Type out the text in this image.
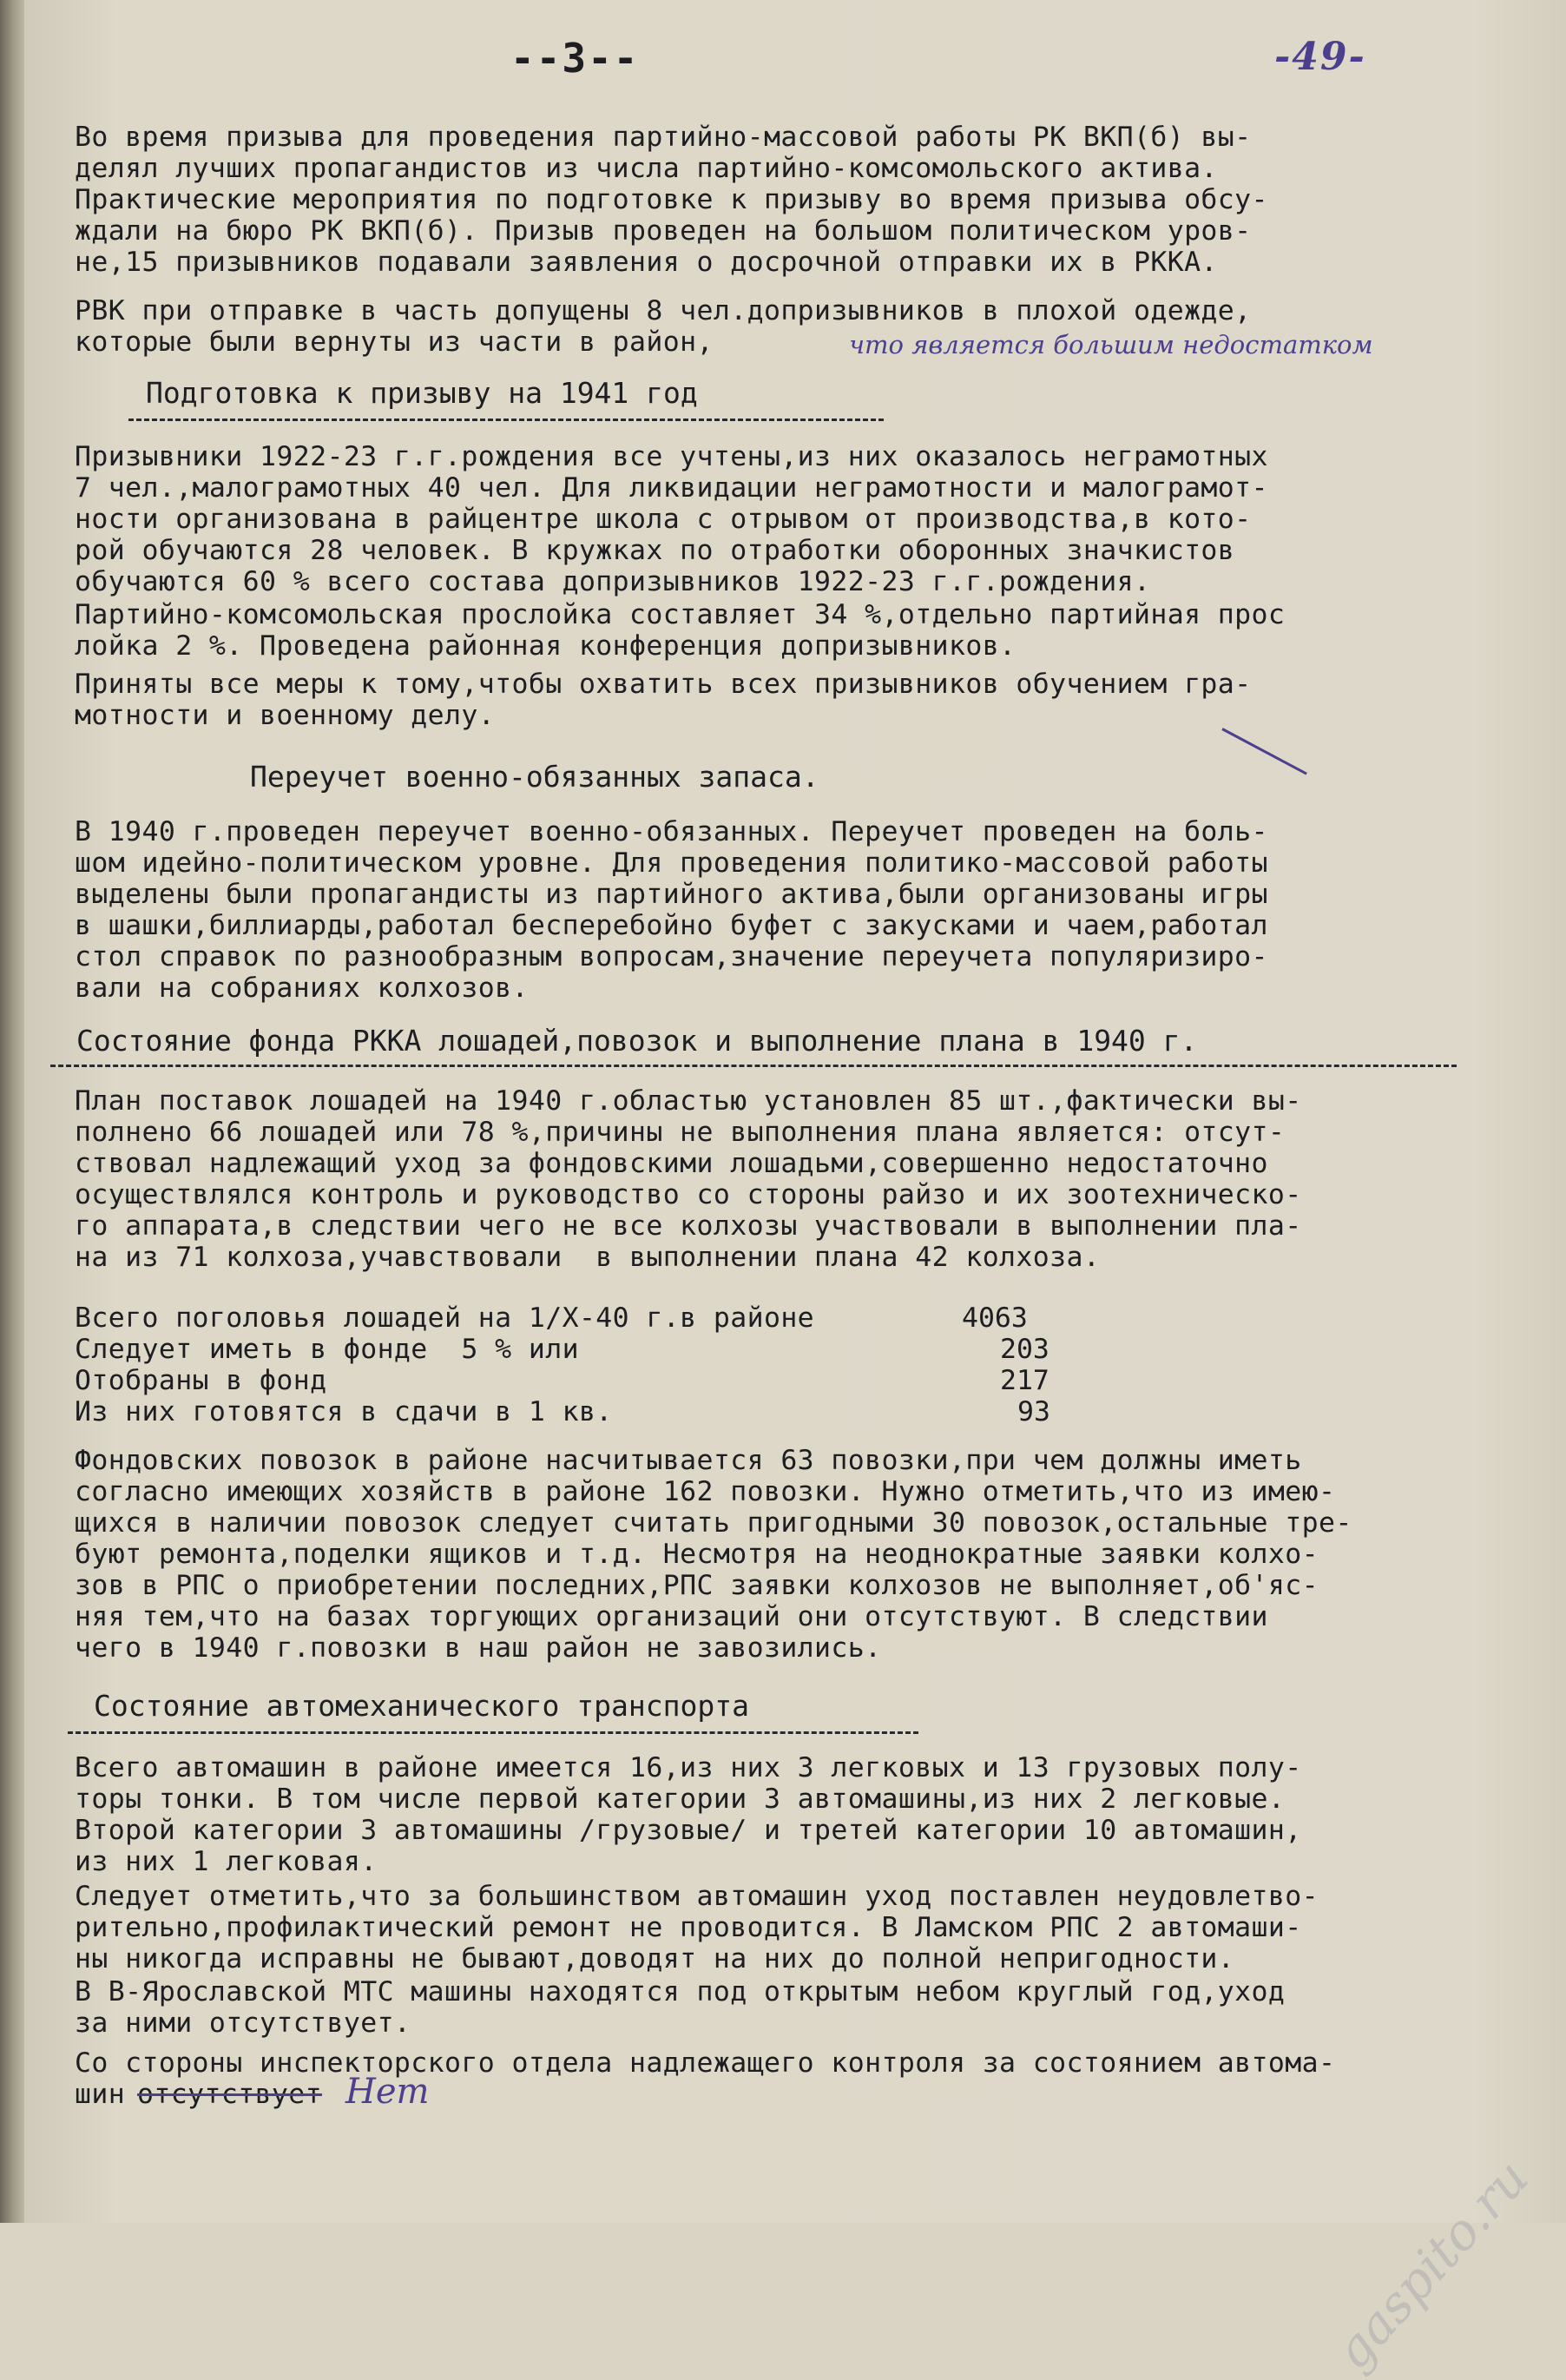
--3--	-49-
Во время призыва для проведения партийно-массовой работы РК ВКП(б) вы-
делял лучших пропагандистов из числа партийно-комсомольского актива.
Практические мероприятия по подготовке к призыву во время призыва обсу-
ждали на бюро РК ВКП(б). Призыв проведен на большом политическом уров-
не,15 призывников подавали заявления о досрочной отправки их в РККА.
РВК при отправке в часть допущены 8 чел.допризывников в плохой одежде,
которые были вернуты из части в район,	что является большим недостатком
Подготовка к призыву на 1941 год
Призывники 1922-23 г.г.рождения все учтены,из них оказалось неграмотных
7 чел.,малограмотных 40 чел. Для ликвидации неграмотности и малограмот-
ности организована в райцентре школа с отрывом от производства,в кото-
рой обучаются 28 человек. В кружках по отработки оборонных значкистов
обучаются 60 % всего состава допризывников 1922-23 г.г.рождения.
Партийно-комсомольская прослойка составляет 34 %,отдельно партийная прос
лойка 2 %. Проведена районная конференция допризывников.
Приняты все меры к тому,чтобы охватить всех призывников обучением гра-
мотности и военному делу.
Переучет военно-обязанных запаса.
В 1940 г.проведен переучет военно-обязанных. Переучет проведен на боль-
шом идейно-политическом уровне. Для проведения политико-массовой работы
выделены были пропагандисты из партийного актива,были организованы игры
в шашки,биллиарды,работал бесперебойно буфет с закусками и чаем,работал
стол справок по разнообразным вопросам,значение переучета популяризиро-
вали на собраниях колхозов.
Состояние фонда РККА лошадей,повозок и выполнение плана в 1940 г.
План поставок лошадей на 1940 г.областью установлен 85 шт.,фактически вы-
полнено 66 лошадей или 78 %,причины не выполнения плана является: отсут-
ствовал надлежащий уход за фондовскими лошадьми,совершенно недостаточно
осуществлялся контроль и руководство со стороны райзо и их зоотехническо-
го аппарата,в следствии чего не все колхозы участвовали в выполнении пла-
на из 71 колхоза,учавствовали  в выполнении плана 42 колхоза.
Всего поголовья лошадей на 1/X-40 г.в районе	4063
Следует иметь в фонде  5 % или	203
Отобраны в фонд	217
Из них готовятся в сдачи в 1 кв.	93
Фондовских повозок в районе насчитывается 63 повозки,при чем должны иметь
согласно имеющих хозяйств в районе 162 повозки. Нужно отметить,что из имею-
щихся в наличии повозок следует считать пригодными 30 повозок,остальные тре-
буют ремонта,поделки ящиков и т.д. Несмотря на неоднократные заявки колхо-
зов в РПС о приобретении последних,РПС заявки колхозов не выполняет,об'яс-
няя тем,что на базах торгующих организаций они отсутствуют. В следствии
чего в 1940 г.повозки в наш район не завозились.
Состояние автомеханического транспорта
Всего автомашин в районе имеется 16,из них 3 легковых и 13 грузовых полу-
торы тонки. В том числе первой категории 3 автомашины,из них 2 легковые.
Второй категории 3 автомашины /грузовые/ и третей категории 10 автомашин,
из них 1 легковая.
Следует отметить,что за большинством автомашин уход поставлен неудовлетво-
рительно,профилактический ремонт не проводится. В Ламском РПС 2 автомаши-
ны никогда исправны не бывают,доводят на них до полной непригодности.
В В-Ярославской МТС машины находятся под открытым небом круглый год,уход
за ними отсутствует.
Со стороны инспекторского отдела надлежащего контроля за состоянием автома-
шин отсутствует Нет
gaspito.ru
